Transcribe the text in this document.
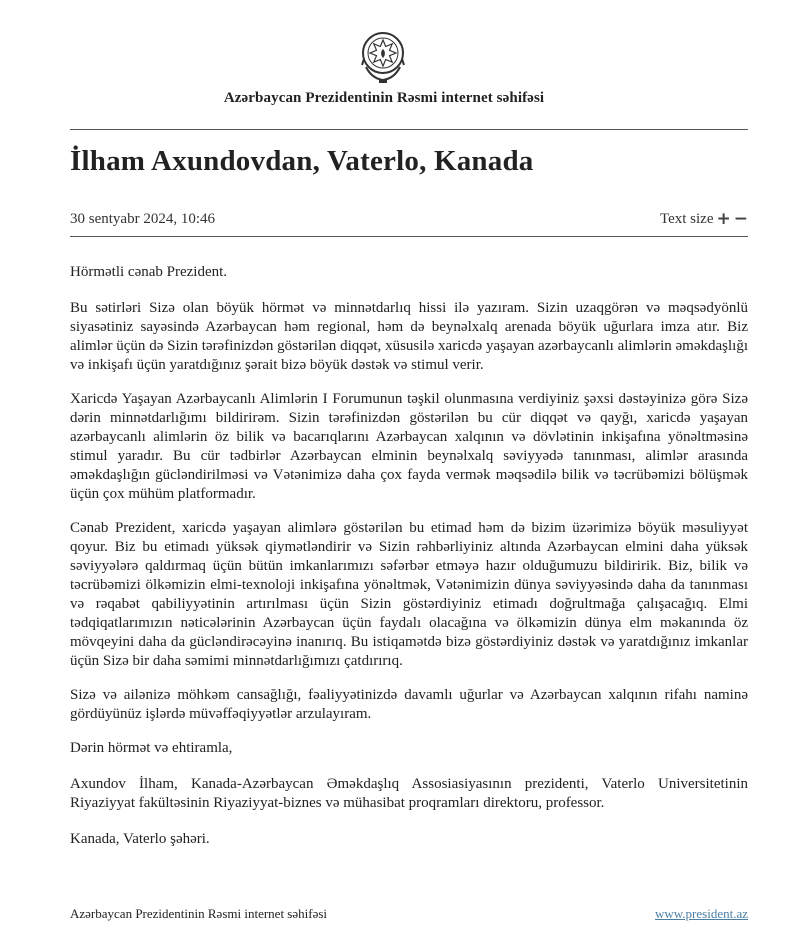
Azərbaycan Prezidentinin Rəsmi internet səhifəsi
İlham Axundovdan, Vaterlo, Kanada
30 sentyabr 2024, 10:46	Text size + −

Hörmətli cənab Prezident.

Bu sətirləri Sizə olan böyük hörmət və minnətdarlıq hissi ilə yazıram. Sizin uzaqgörən və məqsədyönlü siyasətiniz sayəsində Azərbaycan həm regional, həm də beynəlxalq arenada böyük uğurlara imza atır. Biz alimlər üçün də Sizin tərəfinizdən göstərilən diqqət, xüsusilə xaricdə yaşayan azərbaycanlı alimlərin əməkdaşlığı və inkişafı üçün yaratdığınız şərait bizə böyük dəstək və stimul verir.

Xaricdə Yaşayan Azərbaycanlı Alimlərin I Forumunun təşkil olunmasına verdiyiniz şəxsi dəstəyinizə görə Sizə dərin minnətdarlığımı bildirirəm. Sizin tərəfinizdən göstərilən bu cür diqqət və qayğı, xaricdə yaşayan azərbaycanlı alimlərin öz bilik və bacarıqlarını Azərbaycan xalqının və dövlətinin inkişafına yönəltməsinə stimul yaradır. Bu cür tədbirlər Azərbaycan elminin beynəlxalq səviyyədə tanınması, alimlər arasında əməkdaşlığın gücləndirilməsi və Vətənimizə daha çox fayda vermək məqsədilə bilik və təcrübəmizi bölüşmək üçün çox mühüm platformadır.

Cənab Prezident, xaricdə yaşayan alimlərə göstərilən bu etimad həm də bizim üzərimizə böyük məsuliyyət qoyur. Biz bu etimadı yüksək qiymətləndirir və Sizin rəhbərliyiniz altında Azərbaycan elmini daha yüksək səviyyələrə qaldırmaq üçün bütün imkanlarımızı səfərbər etməyə hazır olduğumuzu bildiririk. Biz, bilik və təcrübəmizi ölkəmizin elmi-texnoloji inkişafına yönəltmək, Vətənimizin dünya səviyyəsində daha da tanınması və rəqabət qabiliyyətinin artırılması üçün Sizin göstərdiyiniz etimadı doğrultmağa çalışacağıq. Elmi tədqiqatlarımızın nəticələrinin Azərbaycan üçün faydalı olacağına və ölkəmizin dünya elm məkanında öz mövqeyini daha da gücləndirəcəyinə inanırıq. Bu istiqamətdə bizə göstərdiyiniz dəstək və yaratdığınız imkanlar üçün Sizə bir daha səmimi minnətdarlığımızı çatdırırıq.

Sizə və ailənizə möhkəm cansağlığı, fəaliyyətinizdə davamlı uğurlar və Azərbaycan xalqının rifahı naminə gördüyünüz işlərdə müvəffəqiyyətlər arzulayıram.

Dərin hörmət və ehtiramla,

Axundov İlham, Kanada-Azərbaycan Əməkdaşlıq Assosiasiyasının prezidenti, Vaterlo Universitetinin Riyaziyyat fakültəsinin Riyaziyyat-biznes və mühasibat proqramları direktoru, professor.

Kanada, Vaterlo şəhəri.

Azərbaycan Prezidentinin Rəsmi internet səhifəsi	www.president.az
